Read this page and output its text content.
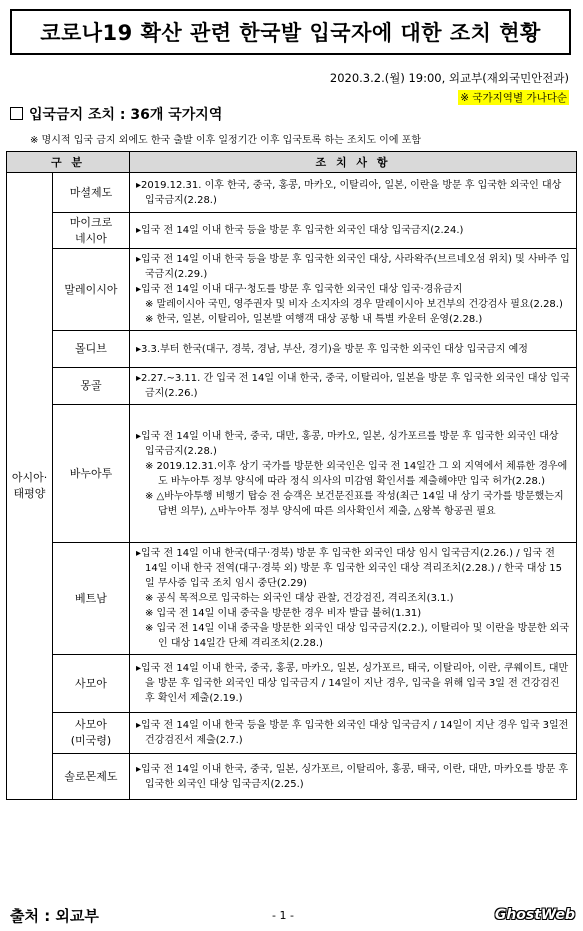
코로나19 확산 관련 한국발 입국자에 대한 조치 현황
2020.3.2.(월) 19:00, 외교부(재외국민안전과)
※ 국가지역별 가나다순
입국금지 조치 : 36개 국가지역
※ 명시적 입국 금지 외에도 한국 출발 이후 일정기간 이후 입국토록 하는 조치도 이에 포함
구 분		조 치 사 항
아시아·
태평양	마셜제도	▸2019.12.31. 이후 한국, 중국, 홍콩, 마카오, 이탈리아, 일본, 이란을 방문 후 입국한 외국인 대상 입국금지(2.28.)

	마이크로
네시아	▸입국 전 14일 이내 한국 등을 방문 후 입국한 외국인 대상 입국금지(2.24.)

	말레이시아	▸입국 전 14일 이내 한국 등을 방문 후 입국한 외국인 대상, 사라왁주(브르네오섬 위치) 및 사바주 입국금지(2.29.)

▸입국 전 14일 이내 대구·청도를 방문 후 입국한 외국인 대상 입국·경유금지

※ 말레이시아 국민, 영주권자 및 비자 소지자의 경우 말레이시아 보건부의 건강검사 필요(2.28.)

※ 한국, 일본, 이탈리아, 일본발 여행객 대상 공항 내 특별 카운터 운영(2.28.)

	몰디브	▸3.3.부터 한국(대구, 경북, 경남, 부산, 경기)을 방문 후 입국한 외국인 대상 입국금지 예정

	몽골	▸2.27.~3.11. 간 입국 전 14일 이내 한국, 중국, 이탈리아, 일본을 방문 후 입국한 외국인 대상 입국금지(2.26.)

	바누아투	▸입국 전 14일 이내 한국, 중국, 대만, 홍콩, 마카오, 일본, 싱가포르를 방문 후 입국한 외국인 대상 입국금지(2.28.)

※ 2019.12.31.이후 상기 국가를 방문한 외국인은 입국 전 14일간 그 외 지역에서 체류한 경우에도 바누아투 정부 양식에 따라 정식 의사의 미감염 확인서를 제출해야만 입국 허가(2.28.)

※ △바누아투행 비행기 탑승 전 승객은 보건문진표를 작성(최근 14일 내 상기 국가를 방문했는지 답변 의무), △바누아투 정부 양식에 따른 의사확인서 제출, △왕복 항공권 필요

	베트남	▸입국 전 14일 이내 한국(대구·경북) 방문 후 입국한 외국인 대상 임시 입국금지(2.26.) / 입국 전 14일 이내 한국 전역(대구·경북 외) 방문 후 입국한 외국인 대상 격리조치(2.28.) / 한국 대상 15일 무사증 입국 조치 임시 중단(2.29)

※ 공식 목적으로 입국하는 외국인 대상 관찰, 건강검진, 격리조치(3.1.)

※ 입국 전 14일 이내 중국을 방문한 경우 비자 발급 불허(1.31)

※ 입국 전 14일 이내 중국을 방문한 외국인 대상 입국금지(2.2.), 이탈리아 및 이란을 방문한 외국인 대상 14일간 단체 격리조치(2.28.)

	사모아	▸입국 전 14일 이내 한국, 중국, 홍콩, 마카오, 일본, 싱가포르, 태국, 이탈리아, 이란, 쿠웨이트, 대만을 방문 후 입국한 외국인 대상 입국금지 / 14일이 지난 경우, 입국을 위해 입국 3일 전 건강검진 후 확인서 제출(2.19.)

	사모아
(미국령)	▸입국 전 14일 이내 한국 등을 방문 후 입국한 외국인 대상 입국금지 / 14일이 지난 경우 입국 3일전 건강검진서 제출(2.7.)

	솔로몬제도	▸입국 전 14일 이내 한국, 중국, 일본, 싱가포르, 이탈리아, 홍콩, 태국, 이란, 대만, 마카오를 방문 후 입국한 외국인 대상 입국금지(2.25.)

출처 : 외교부	- 1 -	GhostWeb
